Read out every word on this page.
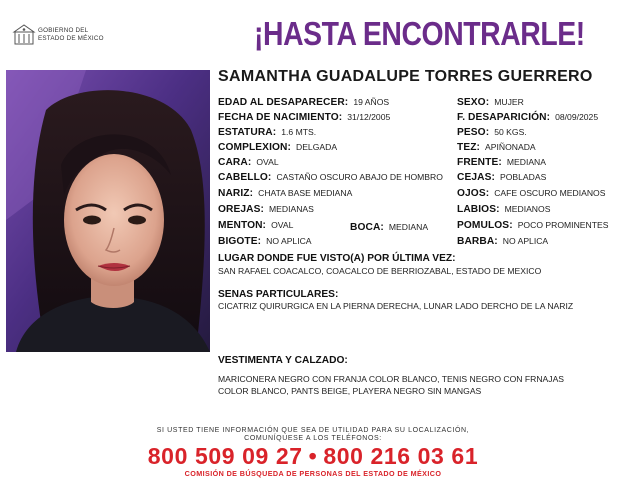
GOBIERNO DEL
ESTADO DE MÉXICO	¡HASTA ENCONTRARLE!
SAMANTHA GUADALUPE TORRES GUERRERO
EDAD AL DESAPARECER: 19 AÑOS
FECHA DE NACIMIENTO: 31/12/2005
ESTATURA: 1.6 MTS.
COMPLEXION: DELGADA
CARA: OVAL
CABELLO: CASTAÑO OSCURO ABAJO DE HOMBRO
NARIZ: CHATA BASE MEDIANA
OREJAS: MEDIANAS
MENTON: OVAL	BOCA: MEDIANA
BIGOTE: NO APLICA
SEXO: MUJER
F. DESAPARICIÓN: 08/09/2025
PESO: 50 KGS.
TEZ: APIÑONADA
FRENTE: MEDIANA
CEJAS: POBLADAS
OJOS: CAFE OSCURO MEDIANOS
LABIOS: MEDIANOS
POMULOS: POCO PROMINENTES
BARBA: NO APLICA
LUGAR DONDE FUE VISTO(A) POR ÚLTIMA VEZ:
SAN RAFAEL COACALCO, COACALCO DE BERRIOZABAL, ESTADO DE MEXICO
SENAS PARTICULARES:
CICATRIZ QUIRURGICA EN LA PIERNA DERECHA, LUNAR LADO DERCHO DE LA NARIZ
VESTIMENTA Y CALZADO:
MARICONERA NEGRO CON FRANJA COLOR BLANCO, TENIS NEGRO CON FRNAJAS
COLOR BLANCO, PANTS BEIGE, PLAYERA NEGRO SIN MANGAS
SI USTED TIENE INFORMACIÓN QUE SEA DE UTILIDAD PARA SU LOCALIZACIÓN,
COMUNÍQUESE A LOS TELÉFONOS:
800 509 09 27 • 800 216 03 61
COMISIÓN DE BÚSQUEDA DE PERSONAS DEL ESTADO DE MÉXICO
